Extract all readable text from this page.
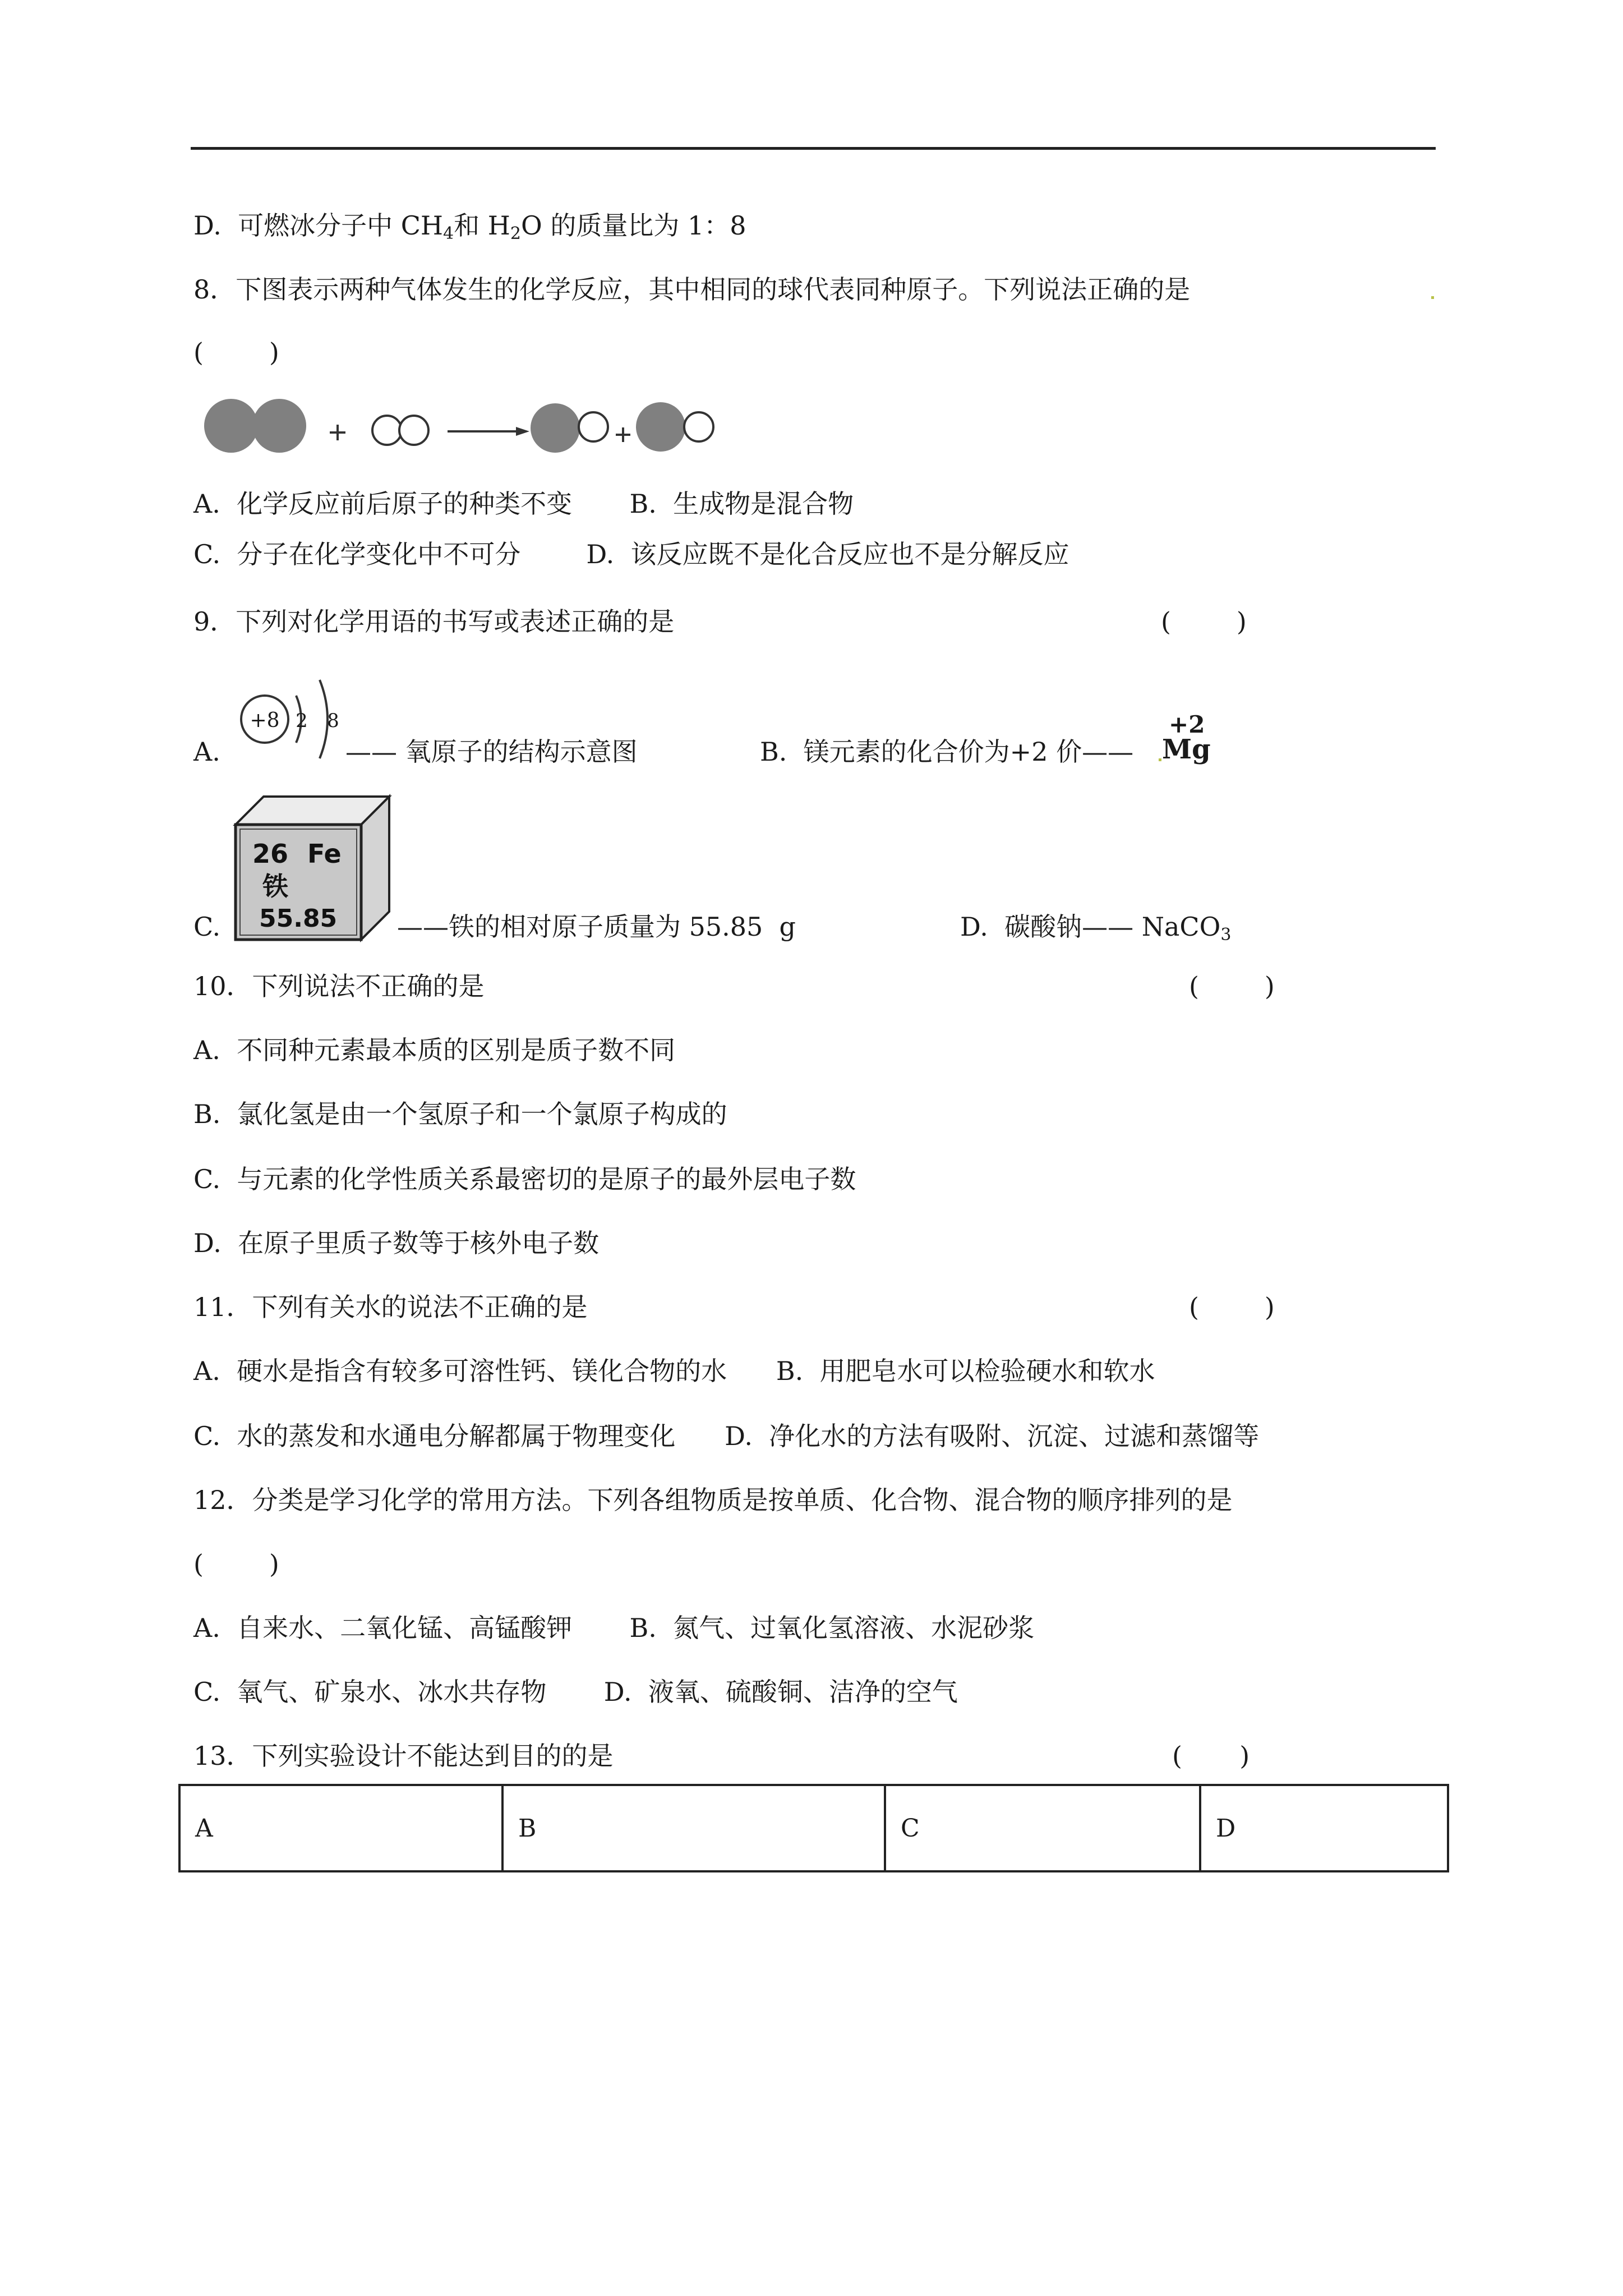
D.  可燃冰分子中 $CH_4$和 $H_2O$ 的质量比为 1：8
8．下图表示两种气体发生的化学反应，其中相同的球代表同种原子。下列说法正确的是
(        )
A.  化学反应前后原子的种类不变       B.  生成物是混合物
C.  分子在化学变化中不可分        D.  该反应既不是化合反应也不是分解反应
9．下列对化学用语的书写或表述正确的是	(        )
A.
+8 2 8
—— 氧原子的结构示意图	B.  镁元素的化合价为+2 价——
+2
Mg
C.
26 Fe
铁
55.85 ——铁的相对原子质量为 55.85  g	D.  碳酸钠—— NaCO$_3$
10．下列说法不正确的是	(        )
A.  不同种元素最本质的区别是质子数不同
B.  氯化氢是由一个氢原子和一个氯原子构成的
C.  与元素的化学性质关系最密切的是原子的最外层电子数
D.  在原子里质子数等于核外电子数
11．下列有关水的说法不正确的是	(        )
A.  硬水是指含有较多可溶性钙、镁化合物的水      B.  用肥皂水可以检验硬水和软水
C.  水的蒸发和水通电分解都属于物理变化      D.  净化水的方法有吸附、沉淀、过滤和蒸馏等
12．分类是学习化学的常用方法。下列各组物质是按单质、化合物、混合物的顺序排列的是
(        )
A.  自来水、二氧化锰、高锰酸钾       B.  氮气、过氧化氢溶液、水泥砂浆
C.  氧气、矿泉水、冰水共存物       D.  液氧、硫酸铜、洁净的空气
13．下列实验设计不能达到目的的是	(       )
A	B	C	D
